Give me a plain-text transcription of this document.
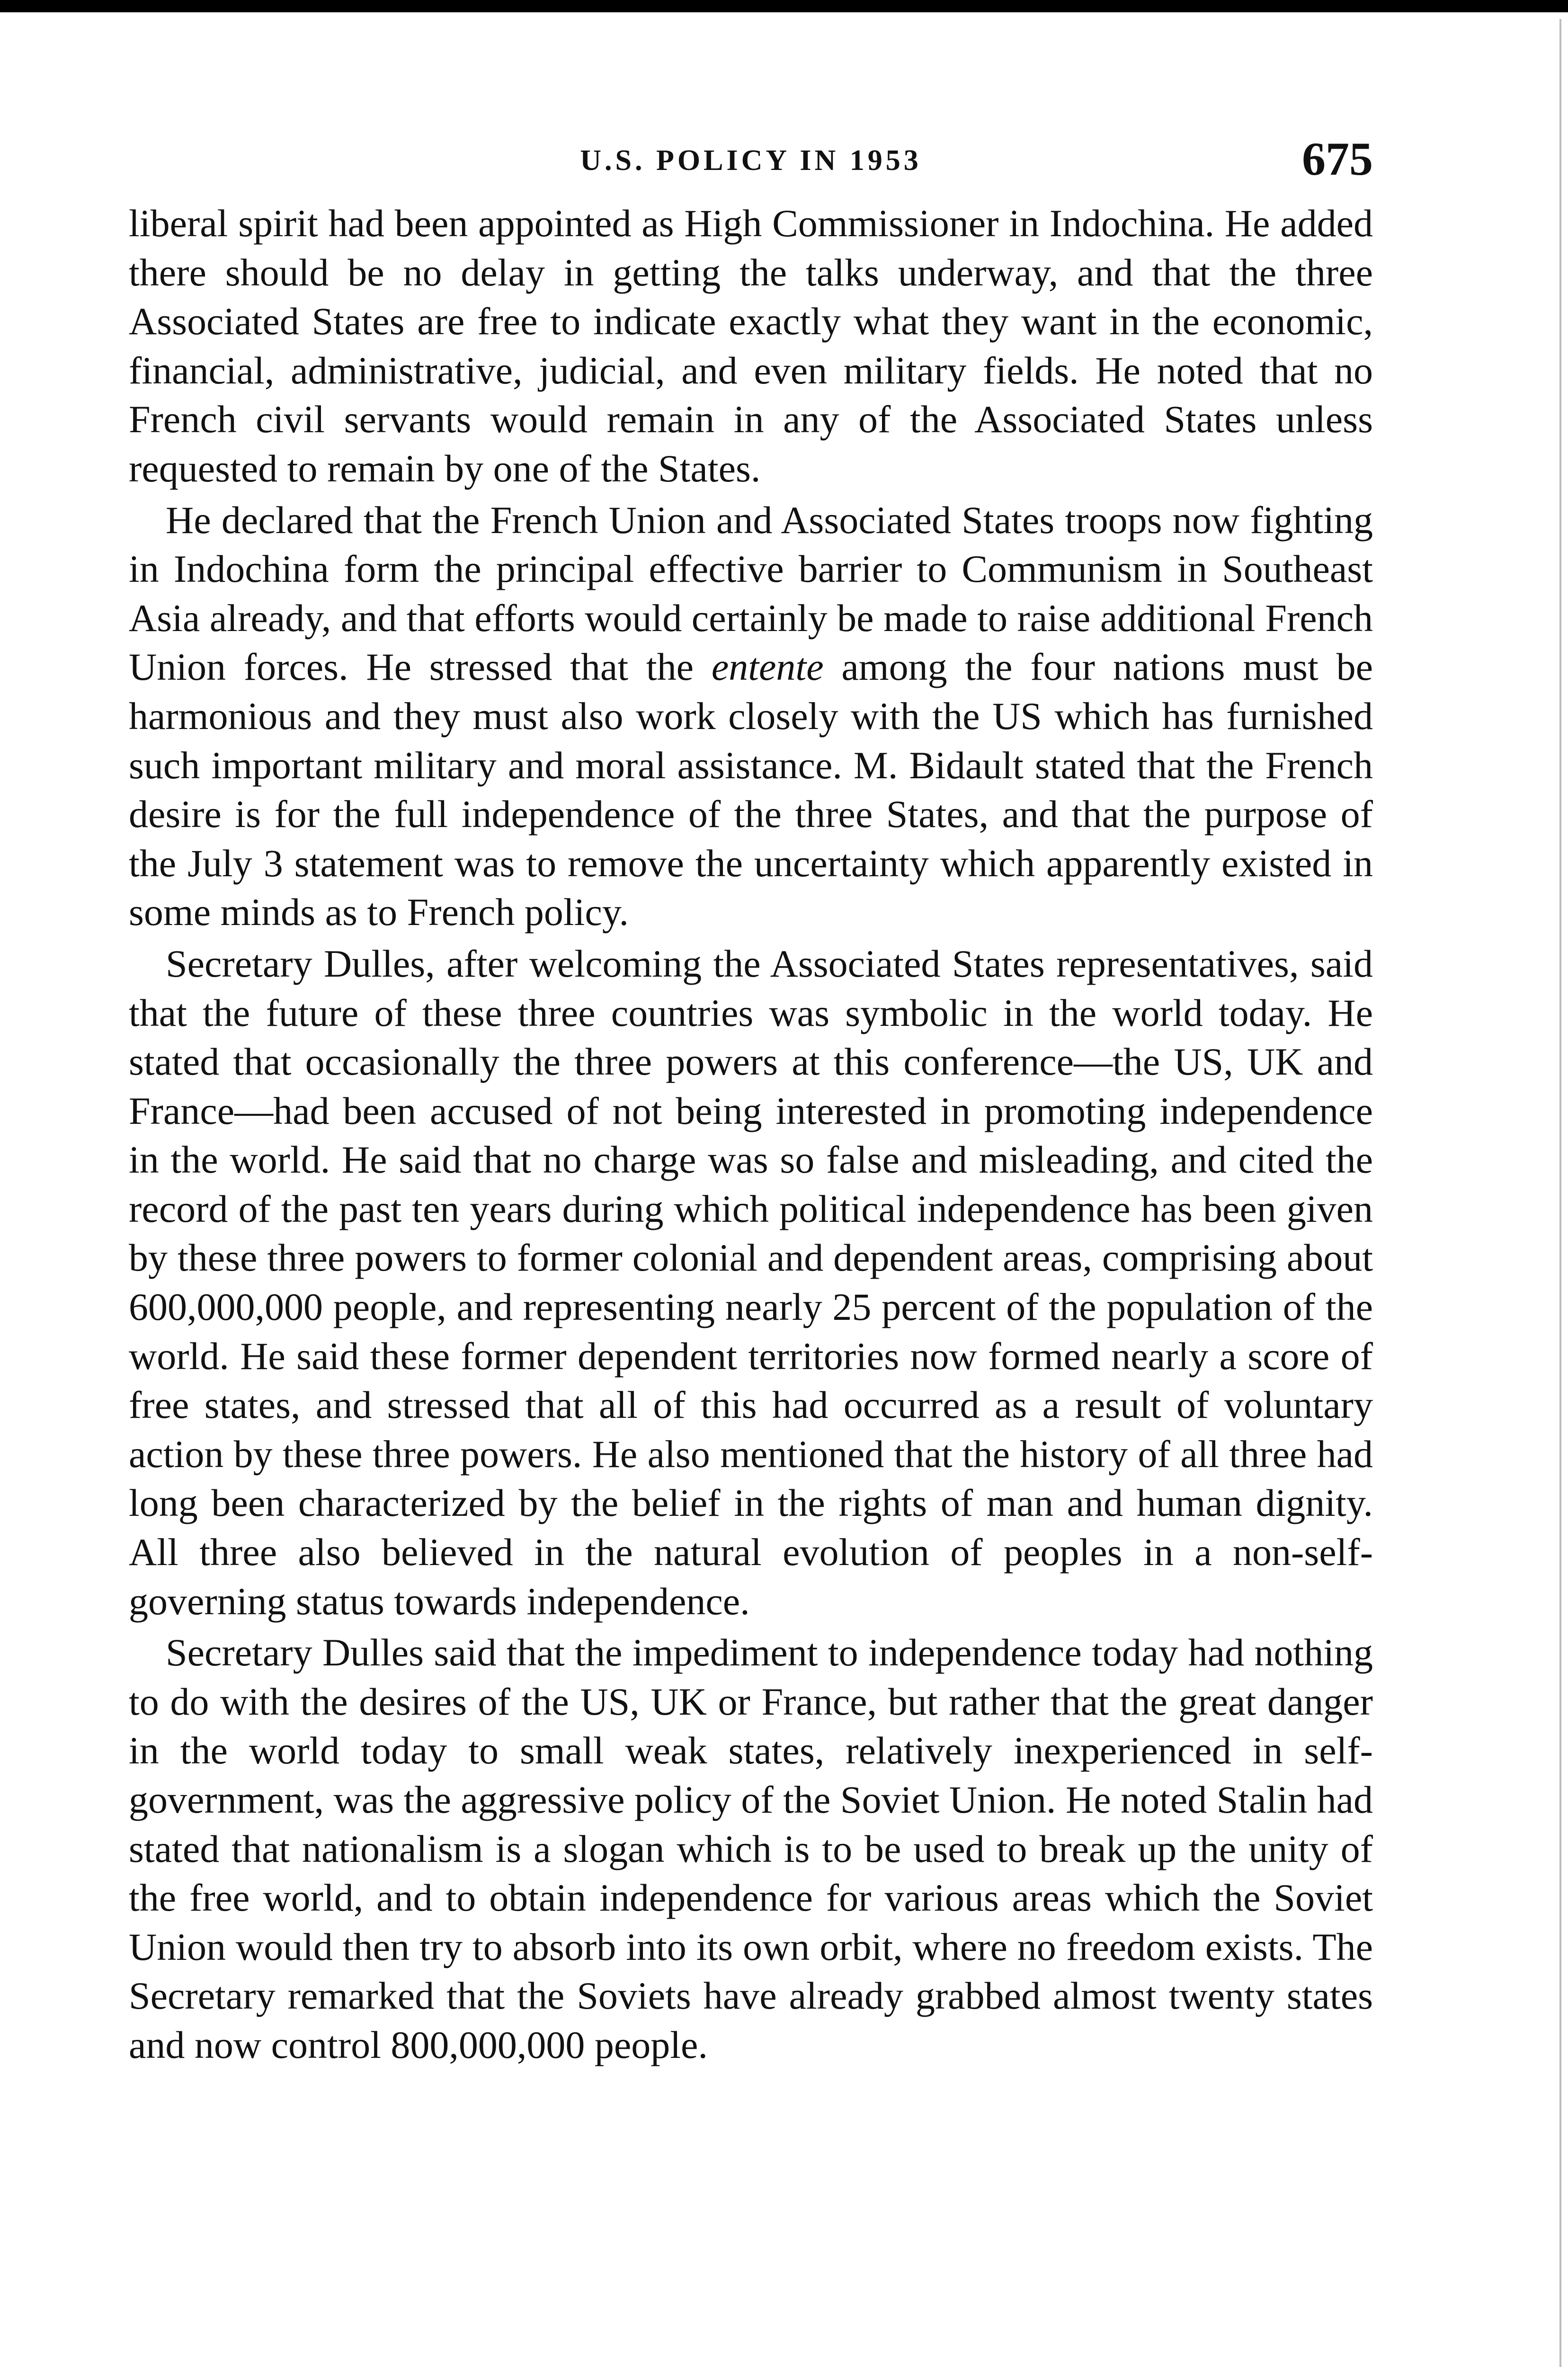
U.S. POLICY IN 1953	675

liberal spirit had been appointed as High Commissioner in Indochina. He added there should be no delay in getting the talks underway, and that the three Associated States are free to indicate exactly what they want in the economic, financial, administrative, judicial, and even military fields. He noted that no French civil servants would remain in any of the Associated States unless requested to remain by one of the States.

He declared that the French Union and Associated States troops now fighting in Indochina form the principal effective barrier to Communism in Southeast Asia already, and that efforts would certainly be made to raise additional French Union forces. He stressed that the entente among the four nations must be harmonious and they must also work closely with the US which has furnished such important military and moral assistance. M. Bidault stated that the French desire is for the full independence of the three States, and that the purpose of the July 3 statement was to remove the uncertainty which apparently existed in some minds as to French policy.

Secretary Dulles, after welcoming the Associated States representatives, said that the future of these three countries was symbolic in the world today. He stated that occasionally the three powers at this conference—the US, UK and France—had been accused of not being interested in promoting independence in the world. He said that no charge was so false and misleading, and cited the record of the past ten years during which political independence has been given by these three powers to former colonial and dependent areas, comprising about 600,000,000 people, and representing nearly 25 percent of the population of the world. He said these former dependent territories now formed nearly a score of free states, and stressed that all of this had occurred as a result of voluntary action by these three powers. He also mentioned that the history of all three had long been characterized by the belief in the rights of man and human dignity. All three also believed in the natural evolution of peoples in a non-self-governing status towards independence.

Secretary Dulles said that the impediment to independence today had nothing to do with the desires of the US, UK or France, but rather that the great danger in the world today to small weak states, relatively inexperienced in self-government, was the aggressive policy of the Soviet Union. He noted Stalin had stated that nationalism is a slogan which is to be used to break up the unity of the free world, and to obtain independence for various areas which the Soviet Union would then try to absorb into its own orbit, where no freedom exists. The Secretary remarked that the Soviets have already grabbed almost twenty states and now control 800,000,000 people.
